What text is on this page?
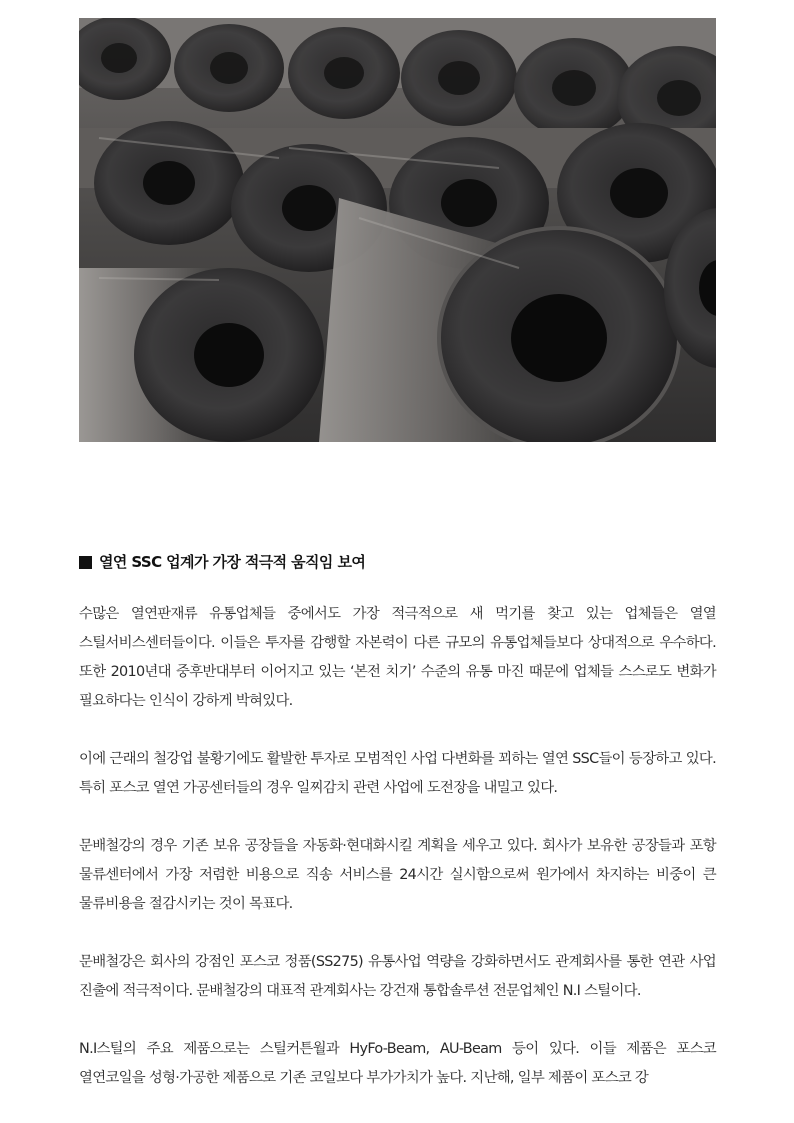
열연 SSC 업계가 가장 적극적 움직임 보여

수많은 열연판재류 유통업체들 중에서도 가장 적극적으로 새 먹기를 찾고 있는 업체들은 열열 스틸서비스센터들이다. 이들은 투자를 감행할 자본력이 다른 규모의 유통업체들보다 상대적으로 우수하다. 또한 2010년대 중후반대부터 이어지고 있는 ‘본전 치기’ 수준의 유통 마진 때문에 업체들 스스로도 변화가 필요하다는 인식이 강하게 박혀있다.

이에 근래의 철강업 불황기에도 활발한 투자로 모범적인 사업 다변화를 꾀하는 열연 SSC들이 등장하고 있다. 특히 포스코 열연 가공센터들의 경우 일찌감치 관련 사업에 도전장을 내밀고 있다.

문배철강의 경우 기존 보유 공장들을 자동화·현대화시킬 계획을 세우고 있다. 회사가 보유한 공장들과 포항 물류센터에서 가장 저렴한 비용으로 직송 서비스를 24시간 실시함으로써 원가에서 차지하는 비중이 큰 물류비용을 절감시키는 것이 목표다.

문배철강은 회사의 강점인 포스코 정품(SS275) 유통사업 역량을 강화하면서도 관계회사를 통한 연관 사업 진출에 적극적이다. 문배철강의 대표적 관계회사는 강건재 통합솔루션 전문업체인 N.I 스틸이다.

N.I스틸의 주요 제품으로는 스틸커튼월과 HyFo-Beam, AU-Beam 등이 있다. 이들 제품은 포스코 열연코일을 성형·가공한 제품으로 기존 코일보다 부가가치가 높다. 지난해, 일부 제품이 포스코 강
